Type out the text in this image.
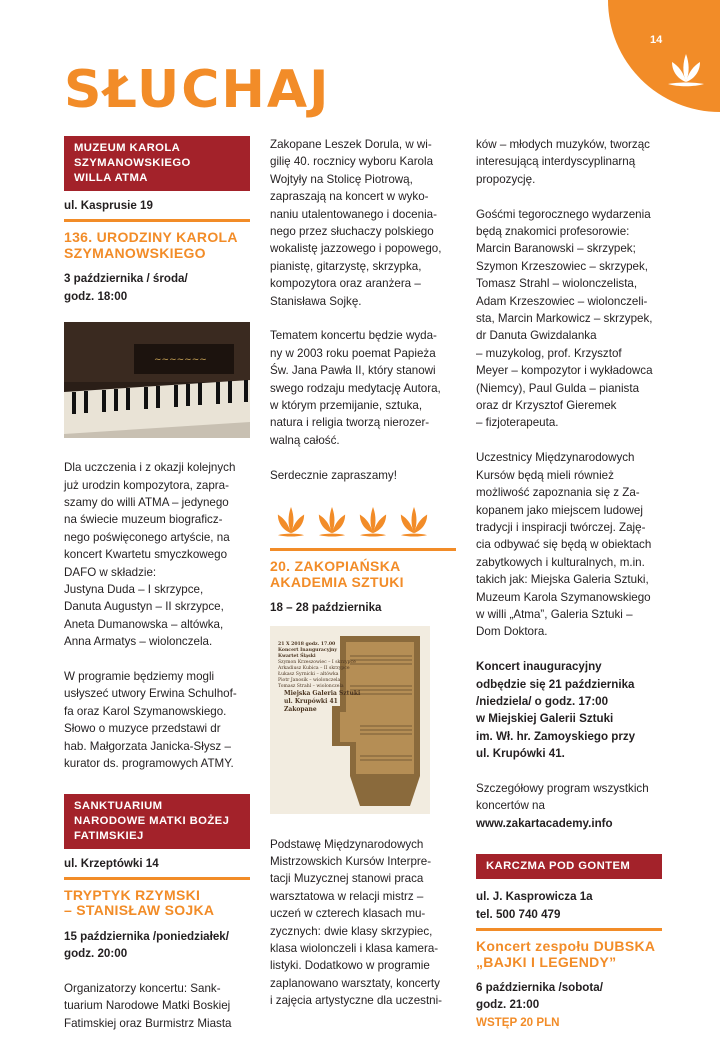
14
SŁUCHAJ
MUZEUM KAROLA
SZYMANOWSKIEGO
WILLA ATMA
ul. Kasprusie 19
136. URODZINY KAROLA
SZYMANOWSKIEGO
3 października / środa/
godz. 18:00
~~~~~~~

Dla uczczenia i z okazji kolejnych
już urodzin kompozytora, zapra-
szamy do willi ATMA – jedynego
na świecie muzeum biograficz-
nego poświęconego artyście, na
koncert Kwartetu smyczkowego
DAFO w składzie:
Justyna Duda – I skrzypce,
Danuta Augustyn – II skrzypce,
Aneta Dumanowska – altówka,
Anna Armatys – wiolonczela.

W programie będziemy mogli
usłyszeć utwory Erwina Schulhof-
fa oraz Karol Szymanowskiego.
Słowo o muzyce przedstawi dr
hab. Małgorzata Janicka-Słysz –
kurator ds. programowych ATMY.

SANKTUARIUM
NARODOWE MATKI BOŻEJ
FATIMSKIEJ
ul. Krzeptówki 14
TRYPTYK RZYMSKI
– STANISŁAW SOJKA
15 października /poniedziałek/
godz. 20:00

Organizatorzy koncertu: Sank-
tuarium Narodowe Matki Boskiej
Fatimskiej oraz Burmistrz Miasta

Zakopane Leszek Dorula, w wi-
gilię 40. rocznicy wyboru Karola
Wojtyły na Stolicę Piotrową,
zapraszają na koncert w wyko-
naniu utalentowanego i docenia-
nego przez słuchaczy polskiego
wokalistę jazzowego i popowego,
pianistę, gitarzystę, skrzypka,
kompozytora oraz aranżera –
Stanisława Sojkę.

Tematem koncertu będzie wyda-
ny w 2003 roku poemat Papieża
Św. Jana Pawła II, który stanowi
swego rodzaju medytację Autora,
w którym przemijanie, sztuka,
natura i religia tworzą nierozer-
walną całość.

Serdecznie zapraszamy!

20. ZAKOPIAŃSKA
AKADEMIA SZTUKI
18 – 28 października
21 X 2018 godz. 17.00
Koncert Inauguracyjny
Kwartet Śląski
Szymon Krzeszowiec – I skrzypce
Arkadiusz Kubica – II skrzypce
Łukasz Syrnicki – altówka
Piotr Janosik – wiolonczela
Tomasz Strahl – wiolonczela
Miejska Galeria Sztuki
ul. Krupówki 41
Zakopane

Podstawę Międzynarodowych
Mistrzowskich Kursów Interpre-
tacji Muzycznej stanowi praca
warsztatowa w relacji mistrz –
uczeń w czterech klasach mu-
zycznych: dwie klasy skrzypiec,
klasa wiolonczeli i klasa kamera-
listyki. Dodatkowo w programie
zaplanowano warsztaty, koncerty
i zajęcia artystyczne dla uczestni-

ków – młodych muzyków, tworząc
interesującą interdyscyplinarną
propozycję.

Gośćmi tegorocznego wydarzenia
będą znakomici profesorowie:
Marcin Baranowski – skrzypek;
Szymon Krzeszowiec – skrzypek,
Tomasz Strahl – wiolonczelista,
Adam Krzeszowiec – wiolonczeli-
sta, Marcin Markowicz – skrzypek,
dr Danuta Gwizdalanka
– muzykolog, prof. Krzysztof
Meyer – kompozytor i wykładowca
(Niemcy), Paul Gulda – pianista
oraz dr Krzysztof Gieremek
– fizjoterapeuta.

Uczestnicy Międzynarodowych
Kursów będą mieli również
możliwość zapoznania się z Za-
kopanem jako miejscem ludowej
tradycji i inspiracji twórczej. Zaję-
cia odbywać się będą w obiektach
zabytkowych i kulturalnych, m.in.
takich jak: Miejska Galeria Sztuki,
Muzeum Karola Szymanowskiego
w willi „Atma”, Galeria Sztuki –
Dom Doktora.

Koncert inauguracyjny
odbędzie się 21 października
/niedziela/ o godz. 17:00
w Miejskiej Galerii Sztuki
im. Wł. hr. Zamoyskiego przy
ul. Krupówki 41.

Szczegółowy program wszystkich
koncertów na
www.zakartacademy.info

KARCZMA POD GONTEM
ul. J. Kasprowicza 1a
tel. 500 740 479
Koncert zespołu DUBSKA
„BAJKI I LEGENDY”
6 października /sobota/
godz. 21:00
WSTĘP 20 PLN
